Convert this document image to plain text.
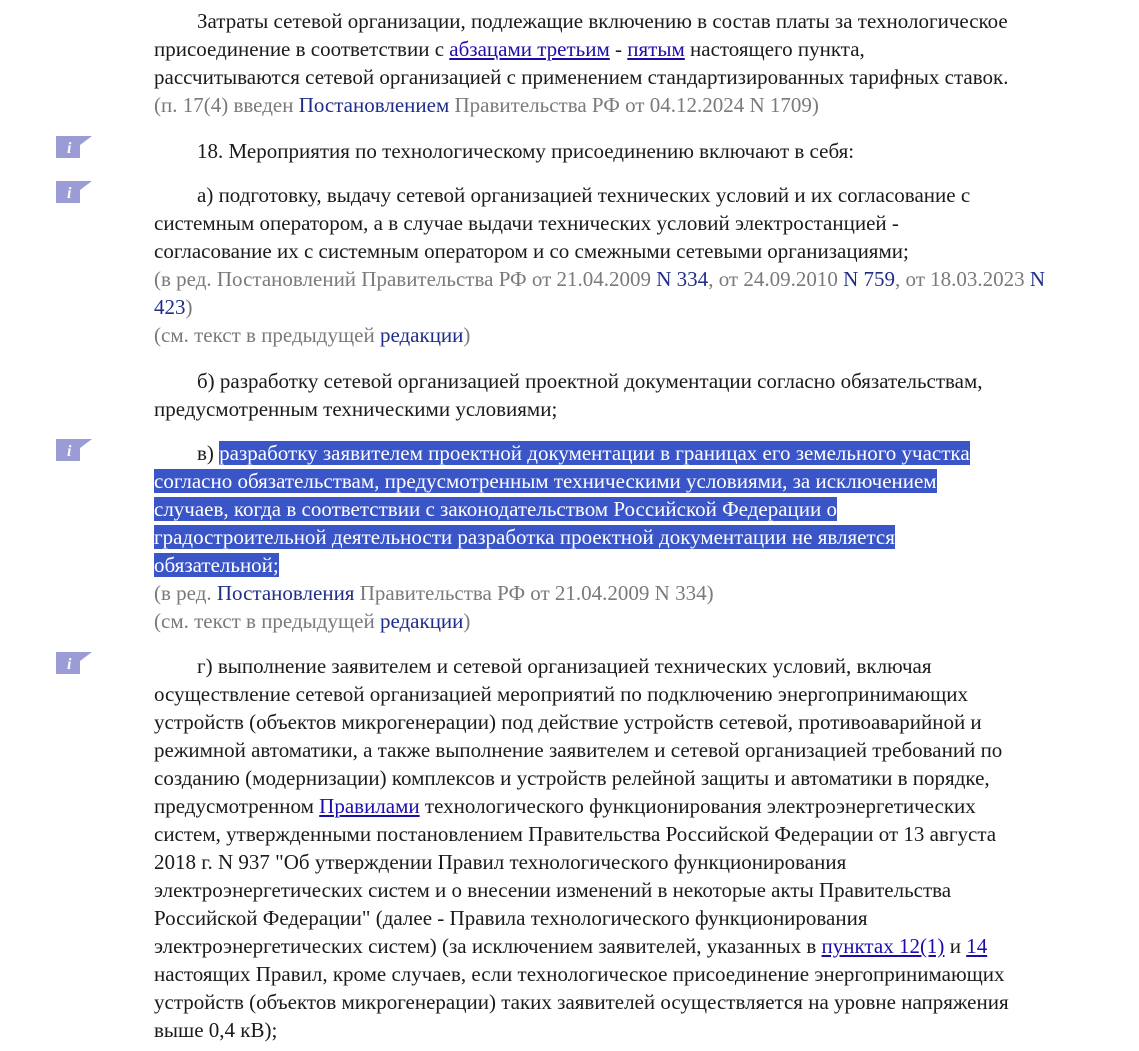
Затраты сетевой организации, подлежащие включению в состав платы за технологическое
присоединение в соответствии с абзацами третьим - пятым настоящего пункта,
рассчитываются сетевой организацией с применением стандартизированных тарифных ставок.
(п. 17(4) введен Постановлением Правительства РФ от 04.12.2024 N 1709)
i	18. Мероприятия по технологическому присоединению включают в себя:
i	а) подготовку, выдачу сетевой организацией технических условий и их согласование с
системным оператором, а в случае выдачи технических условий электростанцией -
согласование их с системным оператором и со смежными сетевыми организациями;
(в ред. Постановлений Правительства РФ от 21.04.2009 N 334, от 24.09.2010 N 759, от 18.03.2023 N
423)
(см. текст в предыдущей редакции)
б) разработку сетевой организацией проектной документации согласно обязательствам,
предусмотренным техническими условиями;
i	в) разработку заявителем проектной документации в границах его земельного участка
согласно обязательствам, предусмотренным техническими условиями, за исключением
случаев, когда в соответствии с законодательством Российской Федерации о
градостроительной деятельности разработка проектной документации не является
обязательной;
(в ред. Постановления Правительства РФ от 21.04.2009 N 334)
(см. текст в предыдущей редакции)
i	г) выполнение заявителем и сетевой организацией технических условий, включая
осуществление сетевой организацией мероприятий по подключению энергопринимающих
устройств (объектов микрогенерации) под действие устройств сетевой, противоаварийной и
режимной автоматики, а также выполнение заявителем и сетевой организацией требований по
созданию (модернизации) комплексов и устройств релейной защиты и автоматики в порядке,
предусмотренном Правилами технологического функционирования электроэнергетических
систем, утвержденными постановлением Правительства Российской Федерации от 13 августа
2018 г. N 937 "Об утверждении Правил технологического функционирования
электроэнергетических систем и о внесении изменений в некоторые акты Правительства
Российской Федерации" (далее - Правила технологического функционирования
электроэнергетических систем) (за исключением заявителей, указанных в пунктах 12(1) и 14
настоящих Правил, кроме случаев, если технологическое присоединение энергопринимающих
устройств (объектов микрогенерации) таких заявителей осуществляется на уровне напряжения
выше 0,4 кВ);
